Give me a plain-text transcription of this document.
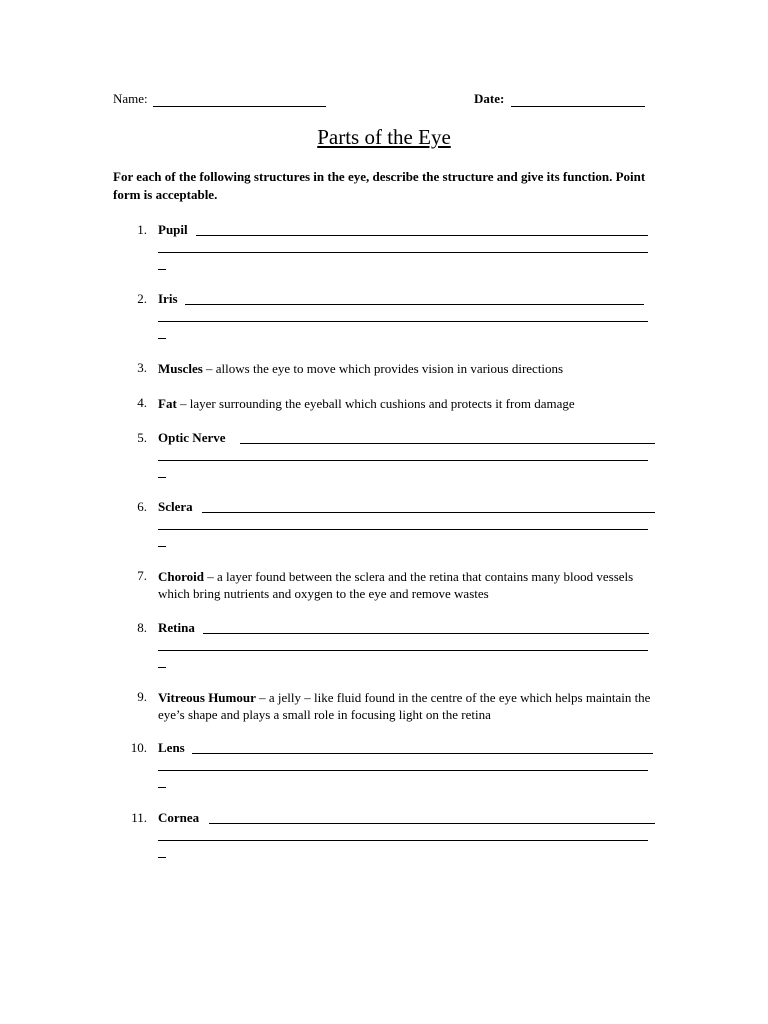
Name:	Date:
Parts of the Eye
For each of the following structures in the eye, describe the structure and give its function. Point form is acceptable.
1. Pupil
2. Iris
3. Muscles – allows the eye to move which provides vision in various directions
4. Fat – layer surrounding the eyeball which cushions and protects it from damage
5. Optic Nerve
6. Sclera
7. Choroid – a layer found between the sclera and the retina that contains many blood vessels which bring nutrients and oxygen to the eye and remove wastes
8. Retina
9. Vitreous Humour – a jelly – like fluid found in the centre of the eye which helps maintain the eye’s shape and plays a small role in focusing light on the retina
10. Lens
11. Cornea
